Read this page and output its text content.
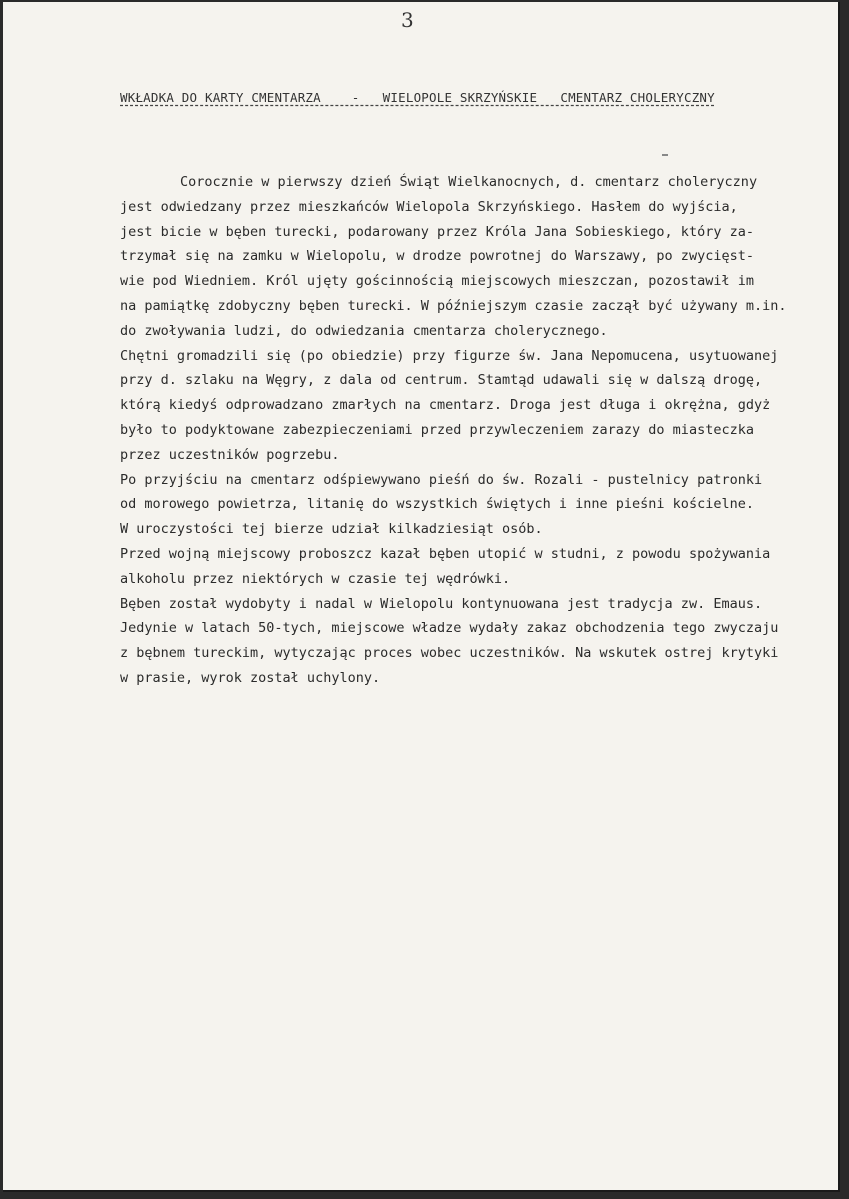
3
WKŁADKA DO KARTY CMENTARZA    -   WIELOPOLE SKRZYŃSKIE   CMENTARZ CHOLERYCZNY
Corocznie w pierwszy dzień Świąt Wielkanocnych, d. cmentarz choleryczny
jest odwiedzany przez mieszkańców Wielopola Skrzyńskiego. Hasłem do wyjścia,
jest bicie w bęben turecki, podarowany przez Króla Jana Sobieskiego, który za-
trzymał się na zamku w Wielopolu, w drodze powrotnej do Warszawy, po zwycięst-
wie pod Wiedniem. Król ujęty gościnnością miejscowych mieszczan, pozostawił im
na pamiątkę zdobyczny bęben turecki. W późniejszym czasie zaczął być używany m.in.
do zwoływania ludzi, do odwiedzania cmentarza cholerycznego.
Chętni gromadzili się (po obiedzie) przy figurze św. Jana Nepomucena, usytuowanej
przy d. szlaku na Węgry, z dala od centrum. Stamtąd udawali się w dalszą drogę,
którą kiedyś odprowadzano zmarłych na cmentarz. Droga jest długa i okrężna, gdyż
było to podyktowane zabezpieczeniami przed przywleczeniem zarazy do miasteczka
przez uczestników pogrzebu.
Po przyjściu na cmentarz odśpiewywano pieśń do św. Rozali - pustelnicy patronki
od morowego powietrza, litanię do wszystkich świętych i inne pieśni kościelne.
W uroczystości tej bierze udział kilkadziesiąt osób.
Przed wojną miejscowy proboszcz kazał bęben utopić w studni, z powodu spożywania
alkoholu przez niektórych w czasie tej wędrówki.
Bęben został wydobyty i nadal w Wielopolu kontynuowana jest tradycja zw. Emaus.
Jedynie w latach 50-tych, miejscowe władze wydały zakaz obchodzenia tego zwyczaju
z bębnem tureckim, wytyczając proces wobec uczestników. Na wskutek ostrej krytyki
w prasie, wyrok został uchylony.
